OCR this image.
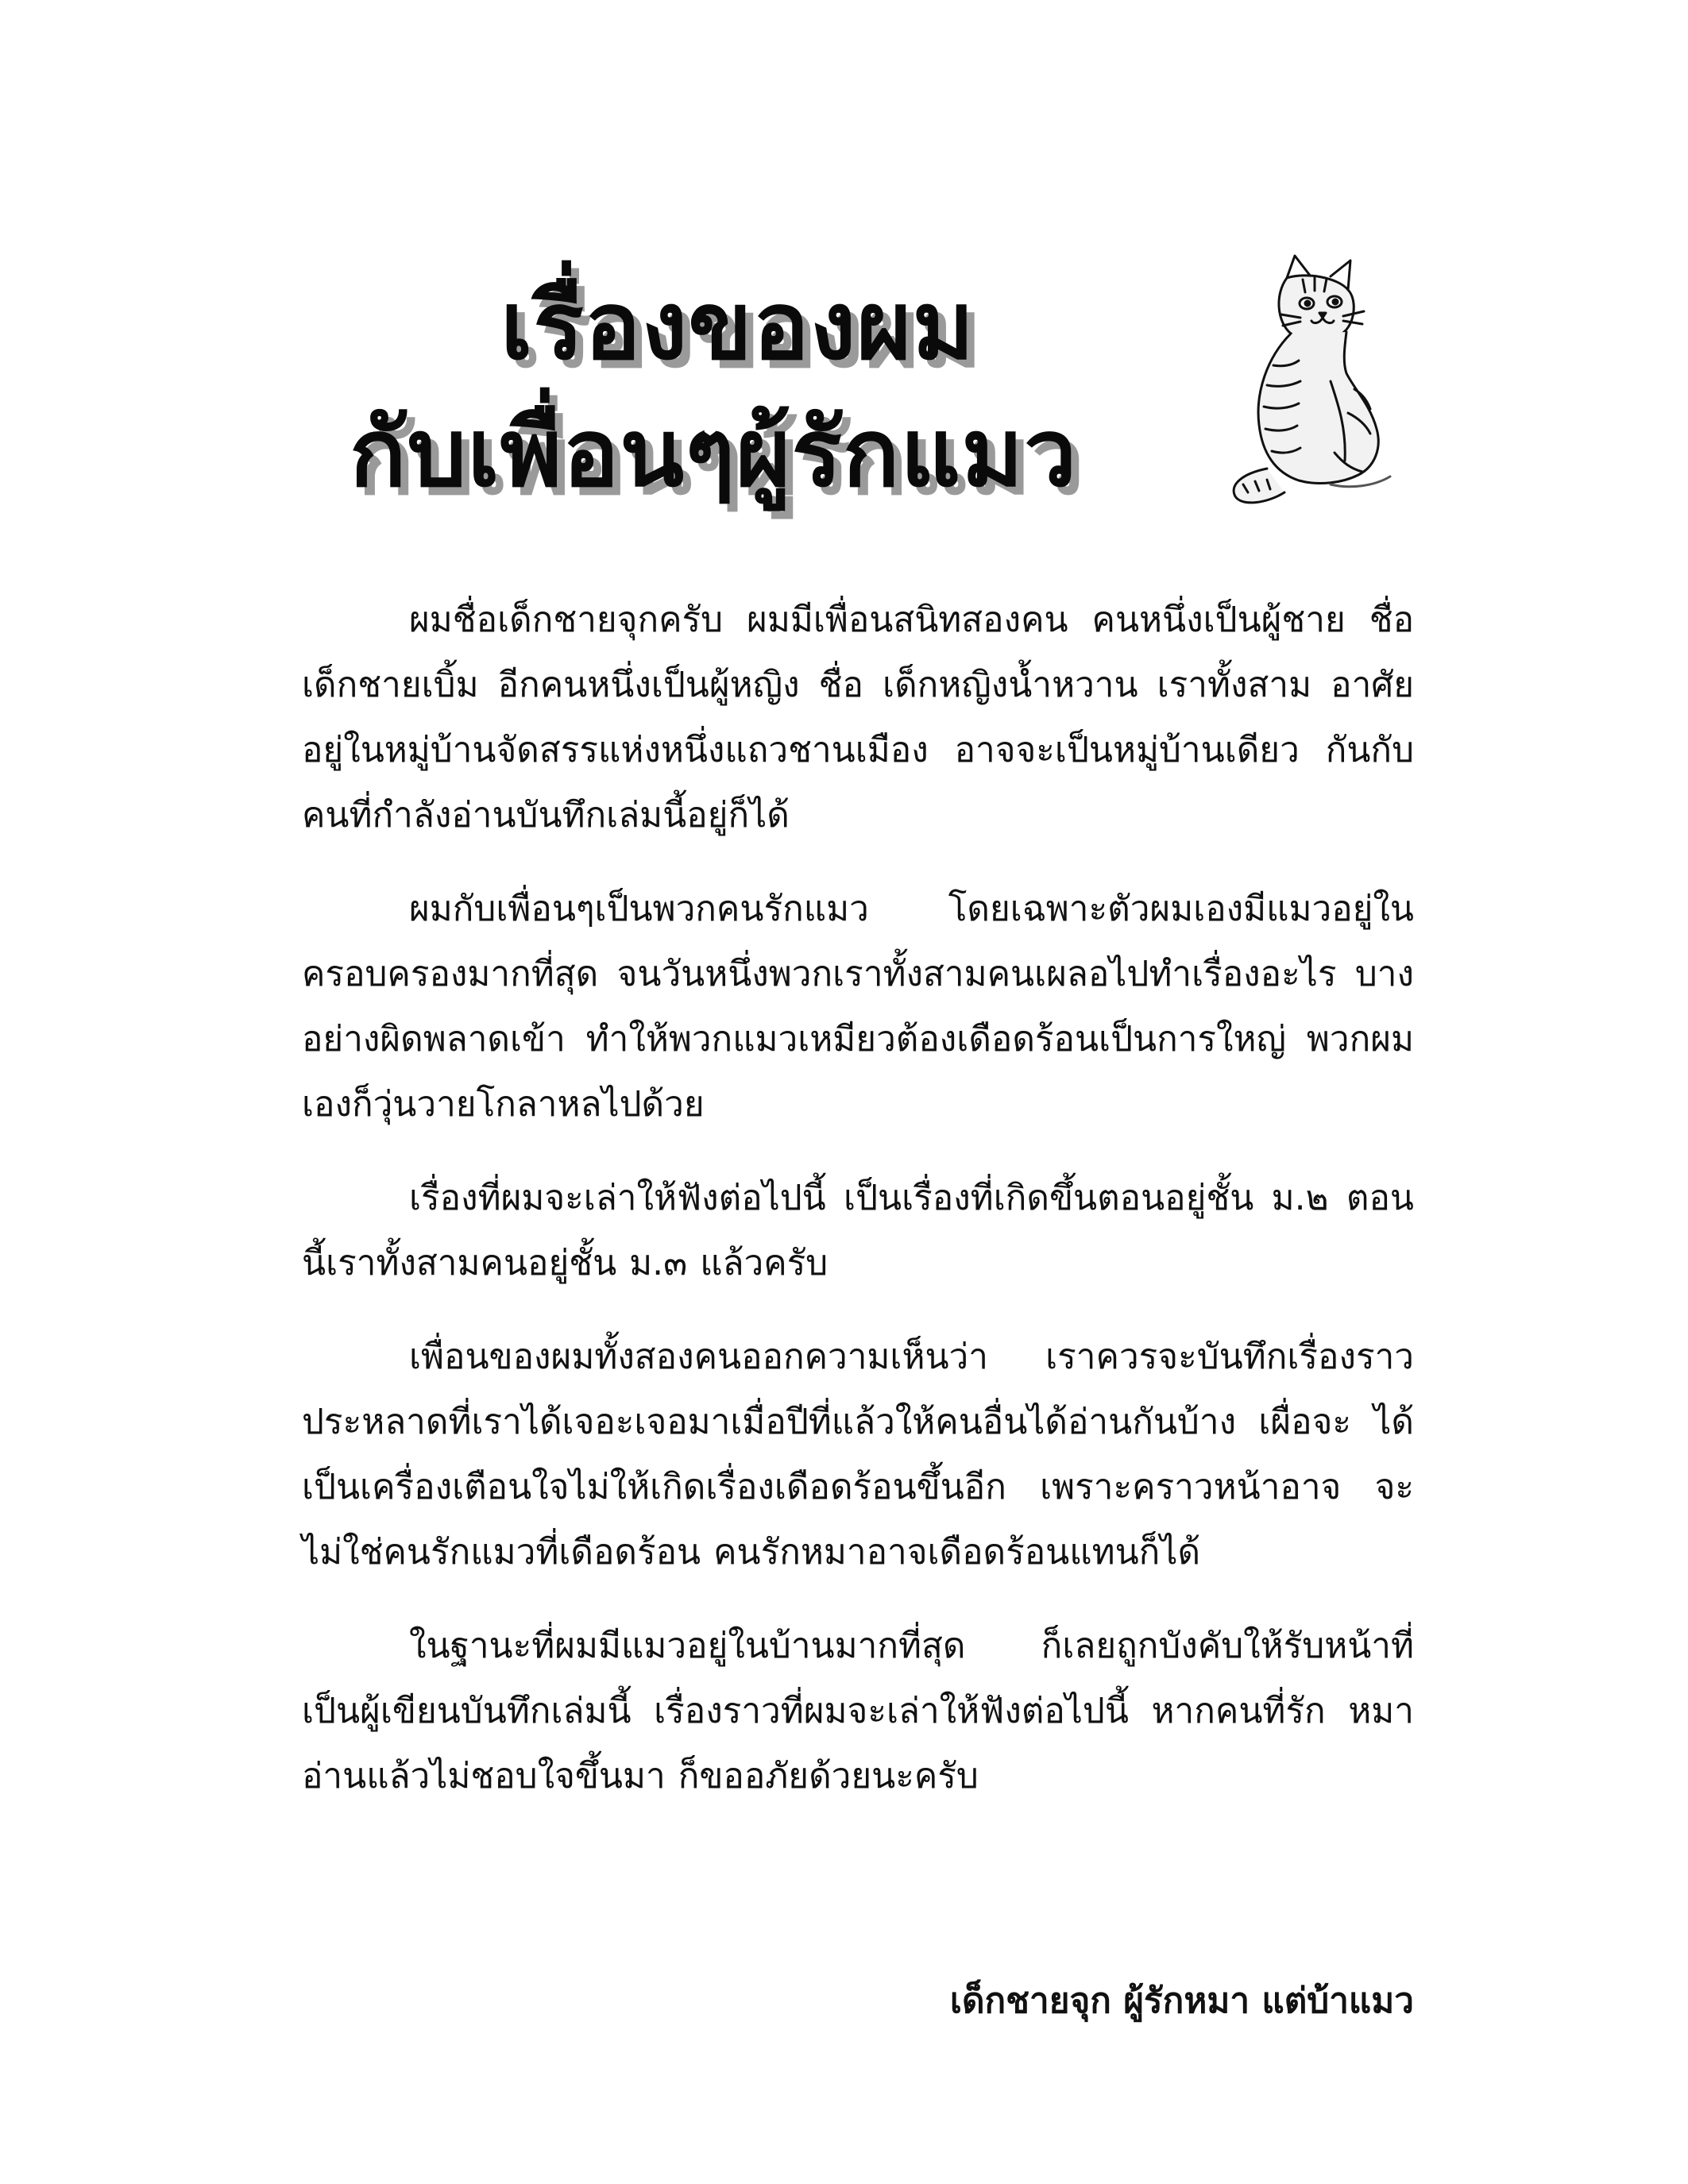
เรื่องของผม
กับเพื่อนๆผู้รักแมว

ผมชื่อเด็กชายจุกครับ ผมมีเพื่อนสนิทสองคน คนหนึ่งเป็นผู้ชาย ชื่อ เด็กชายเบิ้ม อีกคนหนึ่งเป็นผู้หญิง ชื่อ เด็กหญิงน้ำหวาน เราทั้งสาม อาศัยอยู่ในหมู่บ้านจัดสรรแห่งหนึ่งแถวชานเมือง อาจจะเป็นหมู่บ้านเดียว กันกับคนที่กำลังอ่านบันทึกเล่มนี้อยู่ก็ได้

ผมกับเพื่อนๆเป็นพวกคนรักแมว โดยเฉพาะตัวผมเองมีแมวอยู่ใน ครอบครองมากที่สุด จนวันหนึ่งพวกเราทั้งสามคนเผลอไปทำเรื่องอะไร บางอย่างผิดพลาดเข้า ทำให้พวกแมวเหมียวต้องเดือดร้อนเป็นการใหญ่ พวกผมเองก็วุ่นวายโกลาหลไปด้วย

เรื่องที่ผมจะเล่าให้ฟังต่อไปนี้ เป็นเรื่องที่เกิดขึ้นตอนอยู่ชั้น ม.๒ ตอนนี้เราทั้งสามคนอยู่ชั้น ม.๓ แล้วครับ

เพื่อนของผมทั้งสองคนออกความเห็นว่า เราควรจะบันทึกเรื่องราว ประหลาดที่เราได้เจอะเจอมาเมื่อปีที่แล้วให้คนอื่นได้อ่านกันบ้าง เผื่อจะ ได้เป็นเครื่องเตือนใจไม่ให้เกิดเรื่องเดือดร้อนขึ้นอีก เพราะคราวหน้าอาจ จะไม่ใช่คนรักแมวที่เดือดร้อน คนรักหมาอาจเดือดร้อนแทนก็ได้

ในฐานะที่ผมมีแมวอยู่ในบ้านมากที่สุด ก็เลยถูกบังคับให้รับหน้าที่ เป็นผู้เขียนบันทึกเล่มนี้ เรื่องราวที่ผมจะเล่าให้ฟังต่อไปนี้ หากคนที่รัก หมาอ่านแล้วไม่ชอบใจขึ้นมา ก็ขออภัยด้วยนะครับ

เด็กชายจุก ผู้รักหมา แต่บ้าแมว
